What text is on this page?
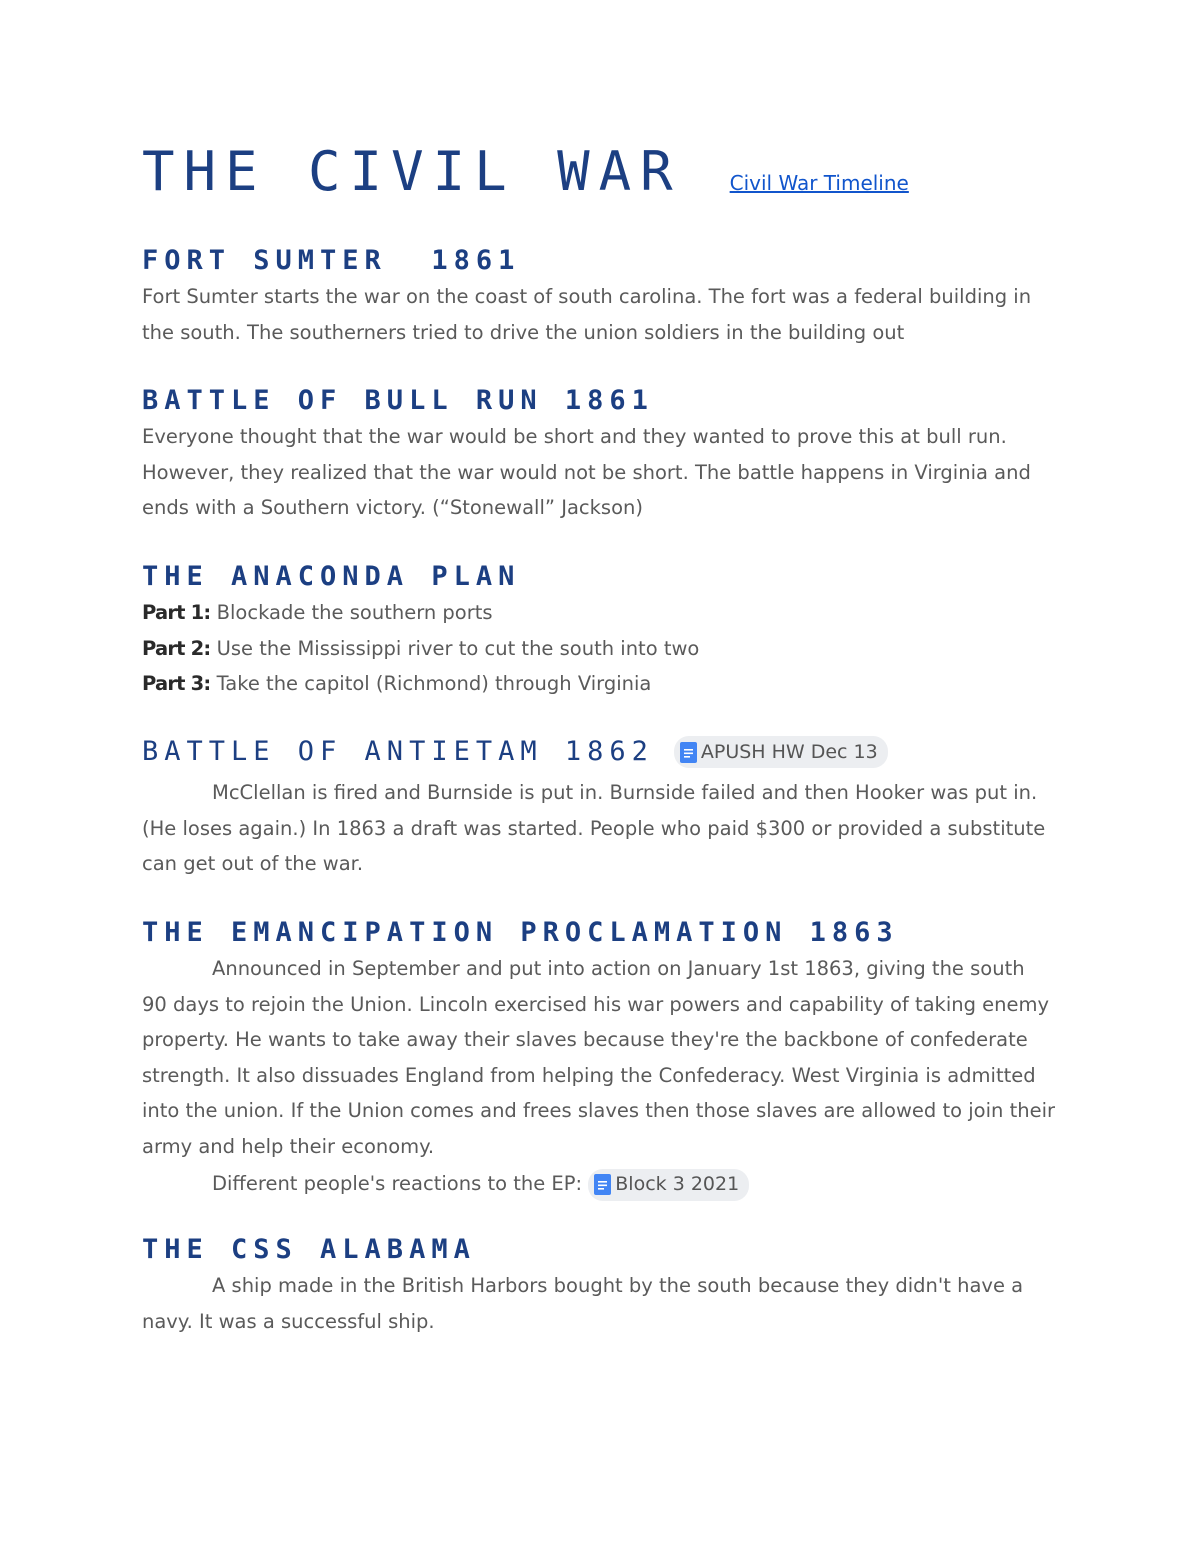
THE CIVIL WAR Civil War Timeline
FORT SUMTER  1861

Fort Sumter starts the war on the coast of south carolina. The fort was a federal building in
the south. The southerners tried to drive the union soldiers in the building out

BATTLE OF BULL RUN 1861

Everyone thought that the war would be short and they wanted to prove this at bull run.
However, they realized that the war would not be short. The battle happens in Virginia and
ends with a Southern victory. (“Stonewall” Jackson)

THE ANACONDA PLAN

Part 1: Blockade the southern ports
Part 2: Use the Mississippi river to cut the south into two
Part 3: Take the capitol (Richmond) through Virginia

BATTLE OF ANTIETAM 1862 APUSH HW Dec 13

McClellan is fired and Burnside is put in. Burnside failed and then Hooker was put in.
(He loses again.) In 1863 a draft was started. People who paid $300 or provided a substitute
can get out of the war.

THE EMANCIPATION PROCLAMATION 1863

Announced in September and put into action on January 1st 1863, giving the south
90 days to rejoin the Union. Lincoln exercised his war powers and capability of taking enemy
property. He wants to take away their slaves because they're the backbone of confederate
strength. It also dissuades England from helping the Confederacy. West Virginia is admitted
into the union. If the Union comes and frees slaves then those slaves are allowed to join their
army and help their economy.

Different people's reactions to the EP: Block 3 2021

THE CSS ALABAMA

A ship made in the British Harbors bought by the south because they didn't have a
navy. It was a successful ship.
